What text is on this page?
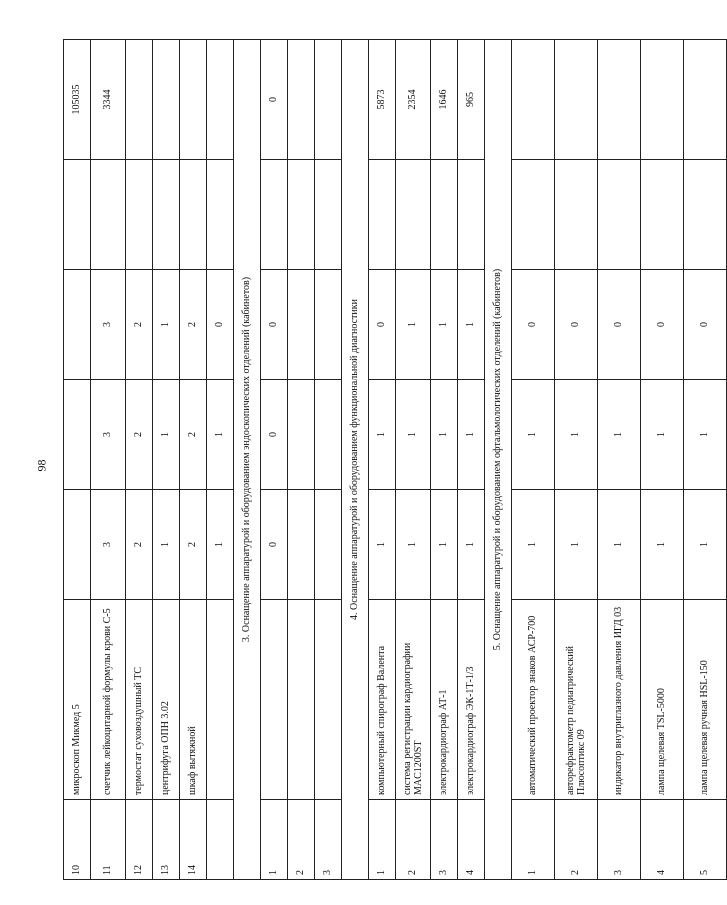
98
10	микроскоп Микмед 5					105035
11	счетчик лейкоцитарной формулы крови С-5	3	3	3		3344
12	термостат суховоздушный ТС	2	2	2		
13	центрифуга ОПН 3.02	1	1	1		
14	шкаф вытяжной	2	2	2		
		1	1	0		
3. Оснащение аппаратурой и оборудованием эндоскопических отделений (кабинетов)						
1		0	0	0		0
2						
3						
4. Оснащение аппаратурой и оборудованием функциональной диагностики						
1	компьютерный спирограф Валента	1	1	0		5873
2	система регистрации кардиографии MAC1200ST	1	1	1		2354
3	электрокардиограф АТ-1	1	1	1		1646
4	электрокардиограф ЭК-1Т-1/3	1	1	1		965
5. Оснащение аппаратурой и оборудованием офтальмологических отделений (кабинетов)						
1	автоматический проектор знаков АСР-700	1	1	0		
2	авторефрактометр педиатрический Плюсоптикс 09	1	1	0		
3	индикатор внутриглазного давления ИГД 03	1	1	0		
4	лампа щелевая TSL-5000	1	1	0		
5	лампа щелевая ручная HSL-150	1	1	0		
